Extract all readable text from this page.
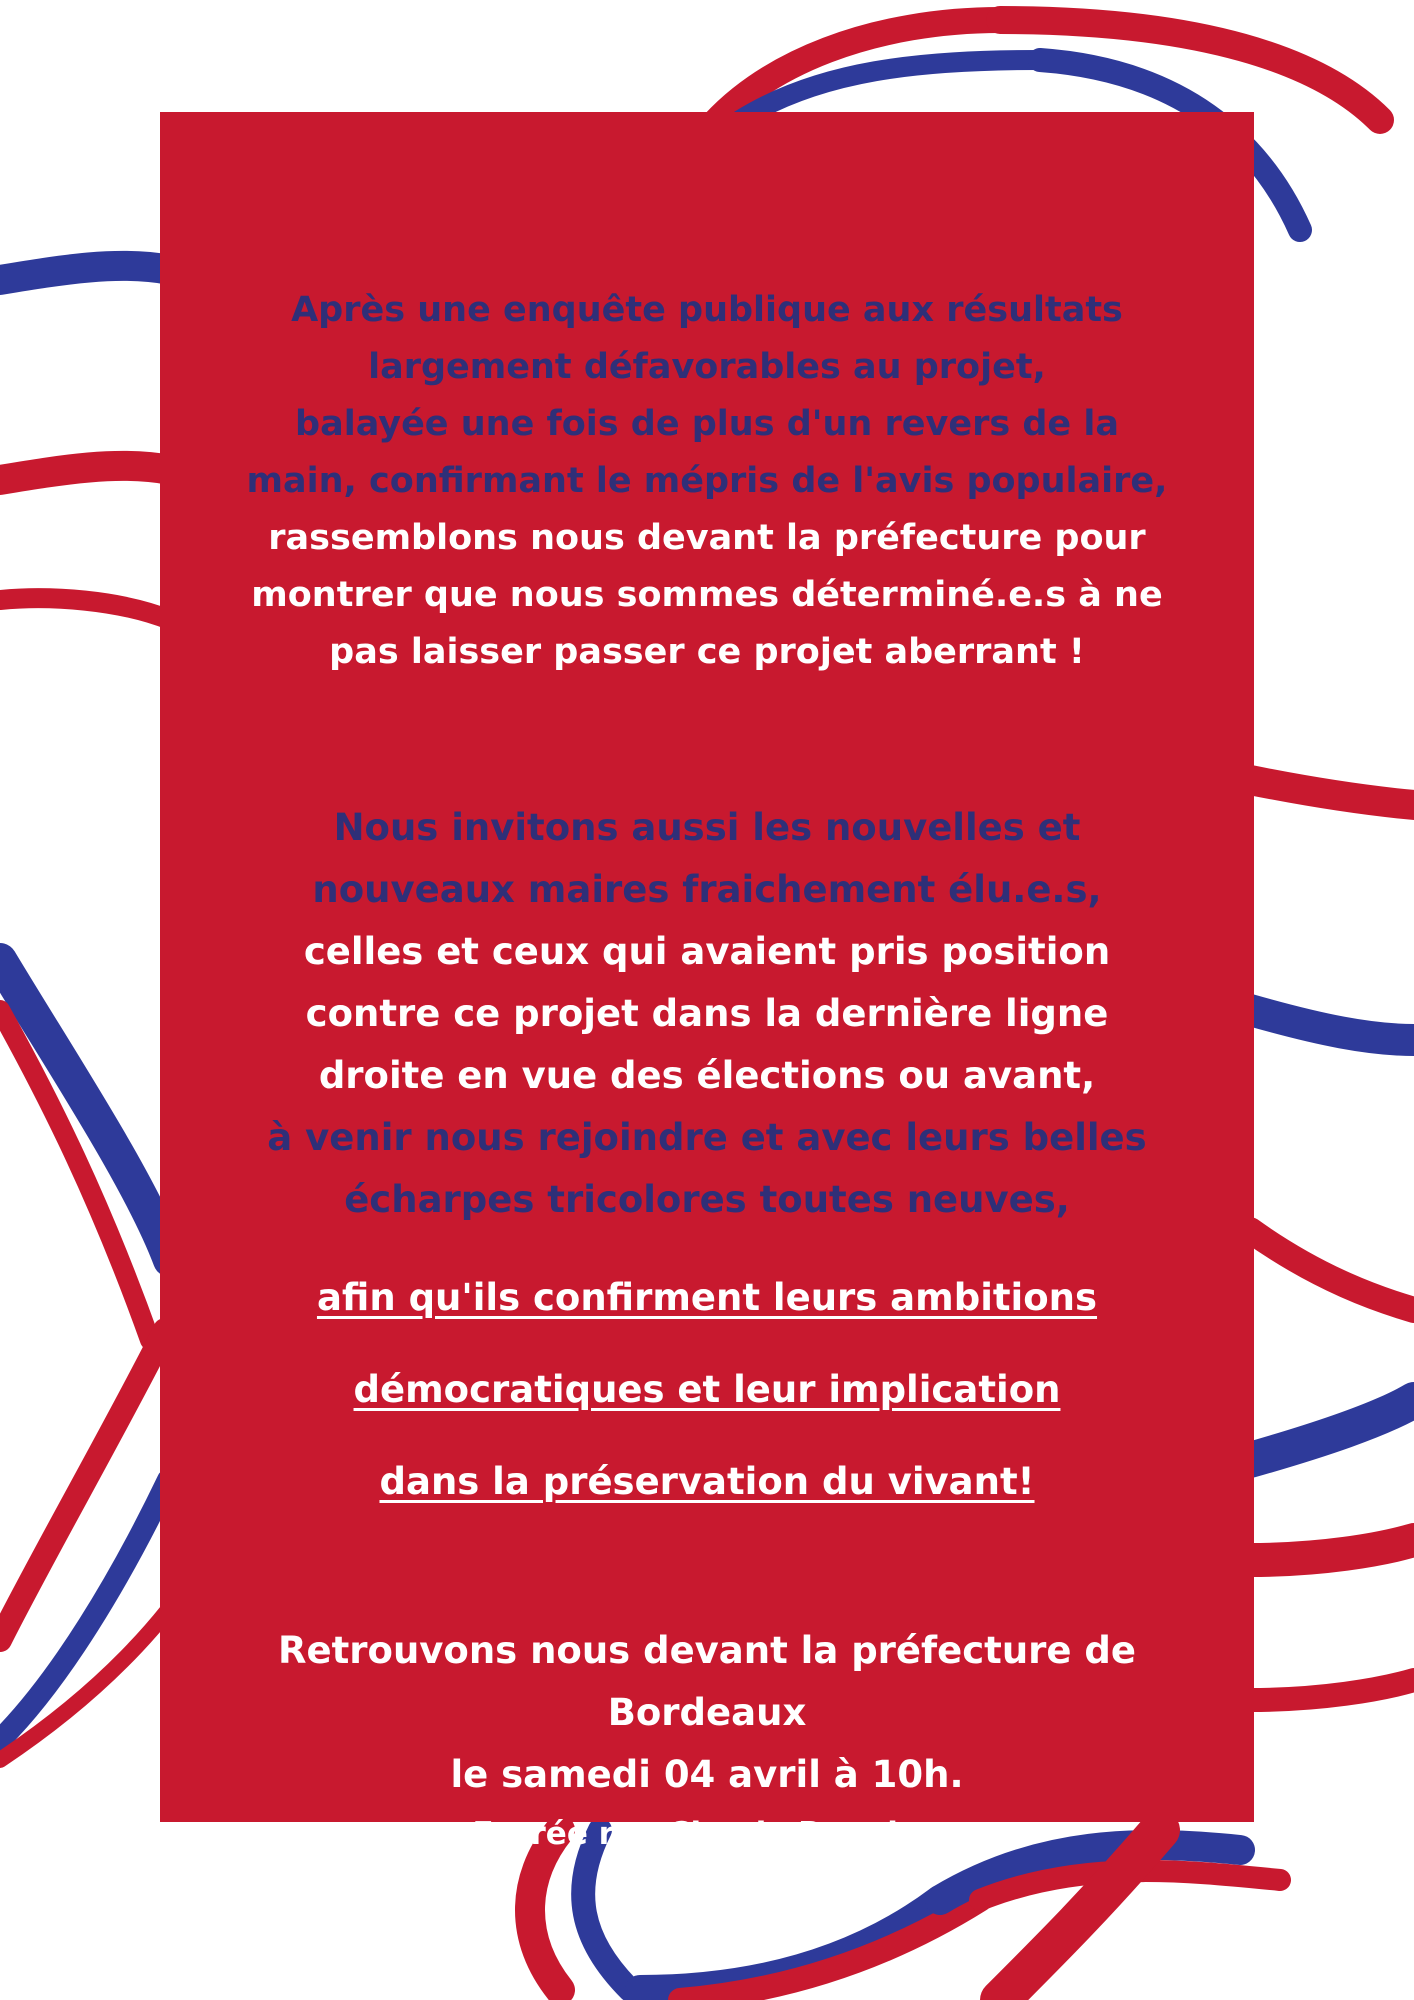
Après une enquête publique aux résultats
largement défavorables au projet,
balayée une fois de plus d'un revers de la
main, confirmant le mépris de l'avis populaire,
rassemblons nous devant la préfecture pour
montrer que nous sommes déterminé.e.s à ne
pas laisser passer ce projet aberrant !

Nous invitons aussi les nouvelles et
nouveaux maires fraichement élu.e.s,
celles et ceux qui avaient pris position
contre ce projet dans la dernière ligne
droite en vue des élections ou avant,
à venir nous rejoindre et avec leurs belles
écharpes tricolores toutes neuves,

afin qu'ils confirment leurs ambitions
démocratiques et leur implication
dans la préservation du vivant!

Retrouvons nous devant la préfecture de
Bordeaux
le samedi 04 avril à 10h.
Entrée rue Claude Bonnier.
